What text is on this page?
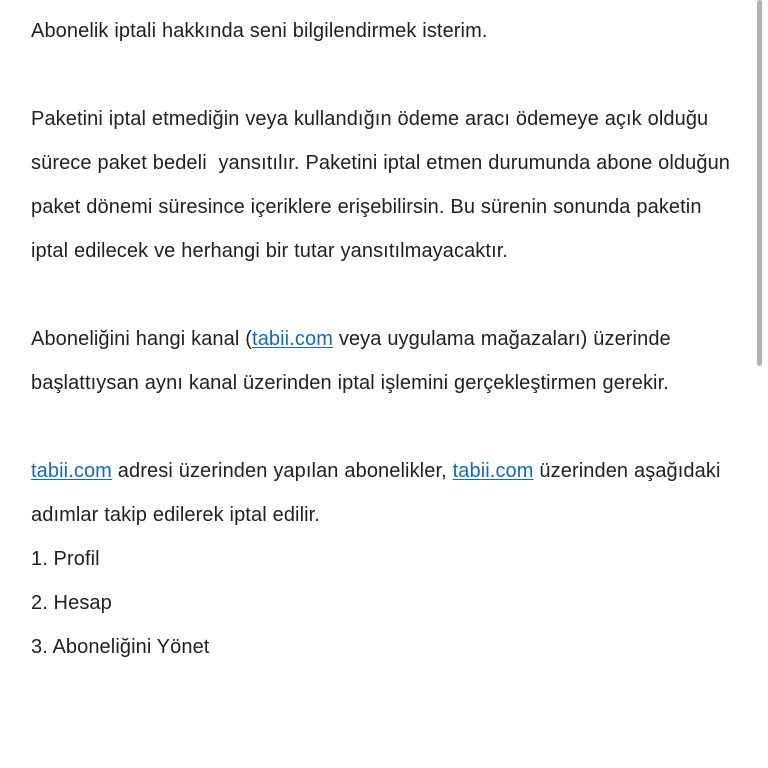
Abonelik iptali hakkında seni bilgilendirmek isterim.

Paketini iptal etmediğin veya kullandığın ödeme aracı ödemeye açık olduğu sürece paket bedeli  yansıtılır. Paketini iptal etmen durumunda abone olduğun paket dönemi süresince içeriklere erişebilirsin. Bu sürenin sonunda paketin iptal edilecek ve herhangi bir tutar yansıtılmayacaktır.

Aboneliğini hangi kanal (tabii.com veya uygulama mağazaları) üzerinde başlattıysan aynı kanal üzerinden iptal işlemini gerçekleştirmen gerekir.

tabii.com adresi üzerinden yapılan abonelikler, tabii.com üzerinden aşağıdaki adımlar takip edilerek iptal edilir.

1. Profil
2. Hesap
3. Aboneliğini Yönet
